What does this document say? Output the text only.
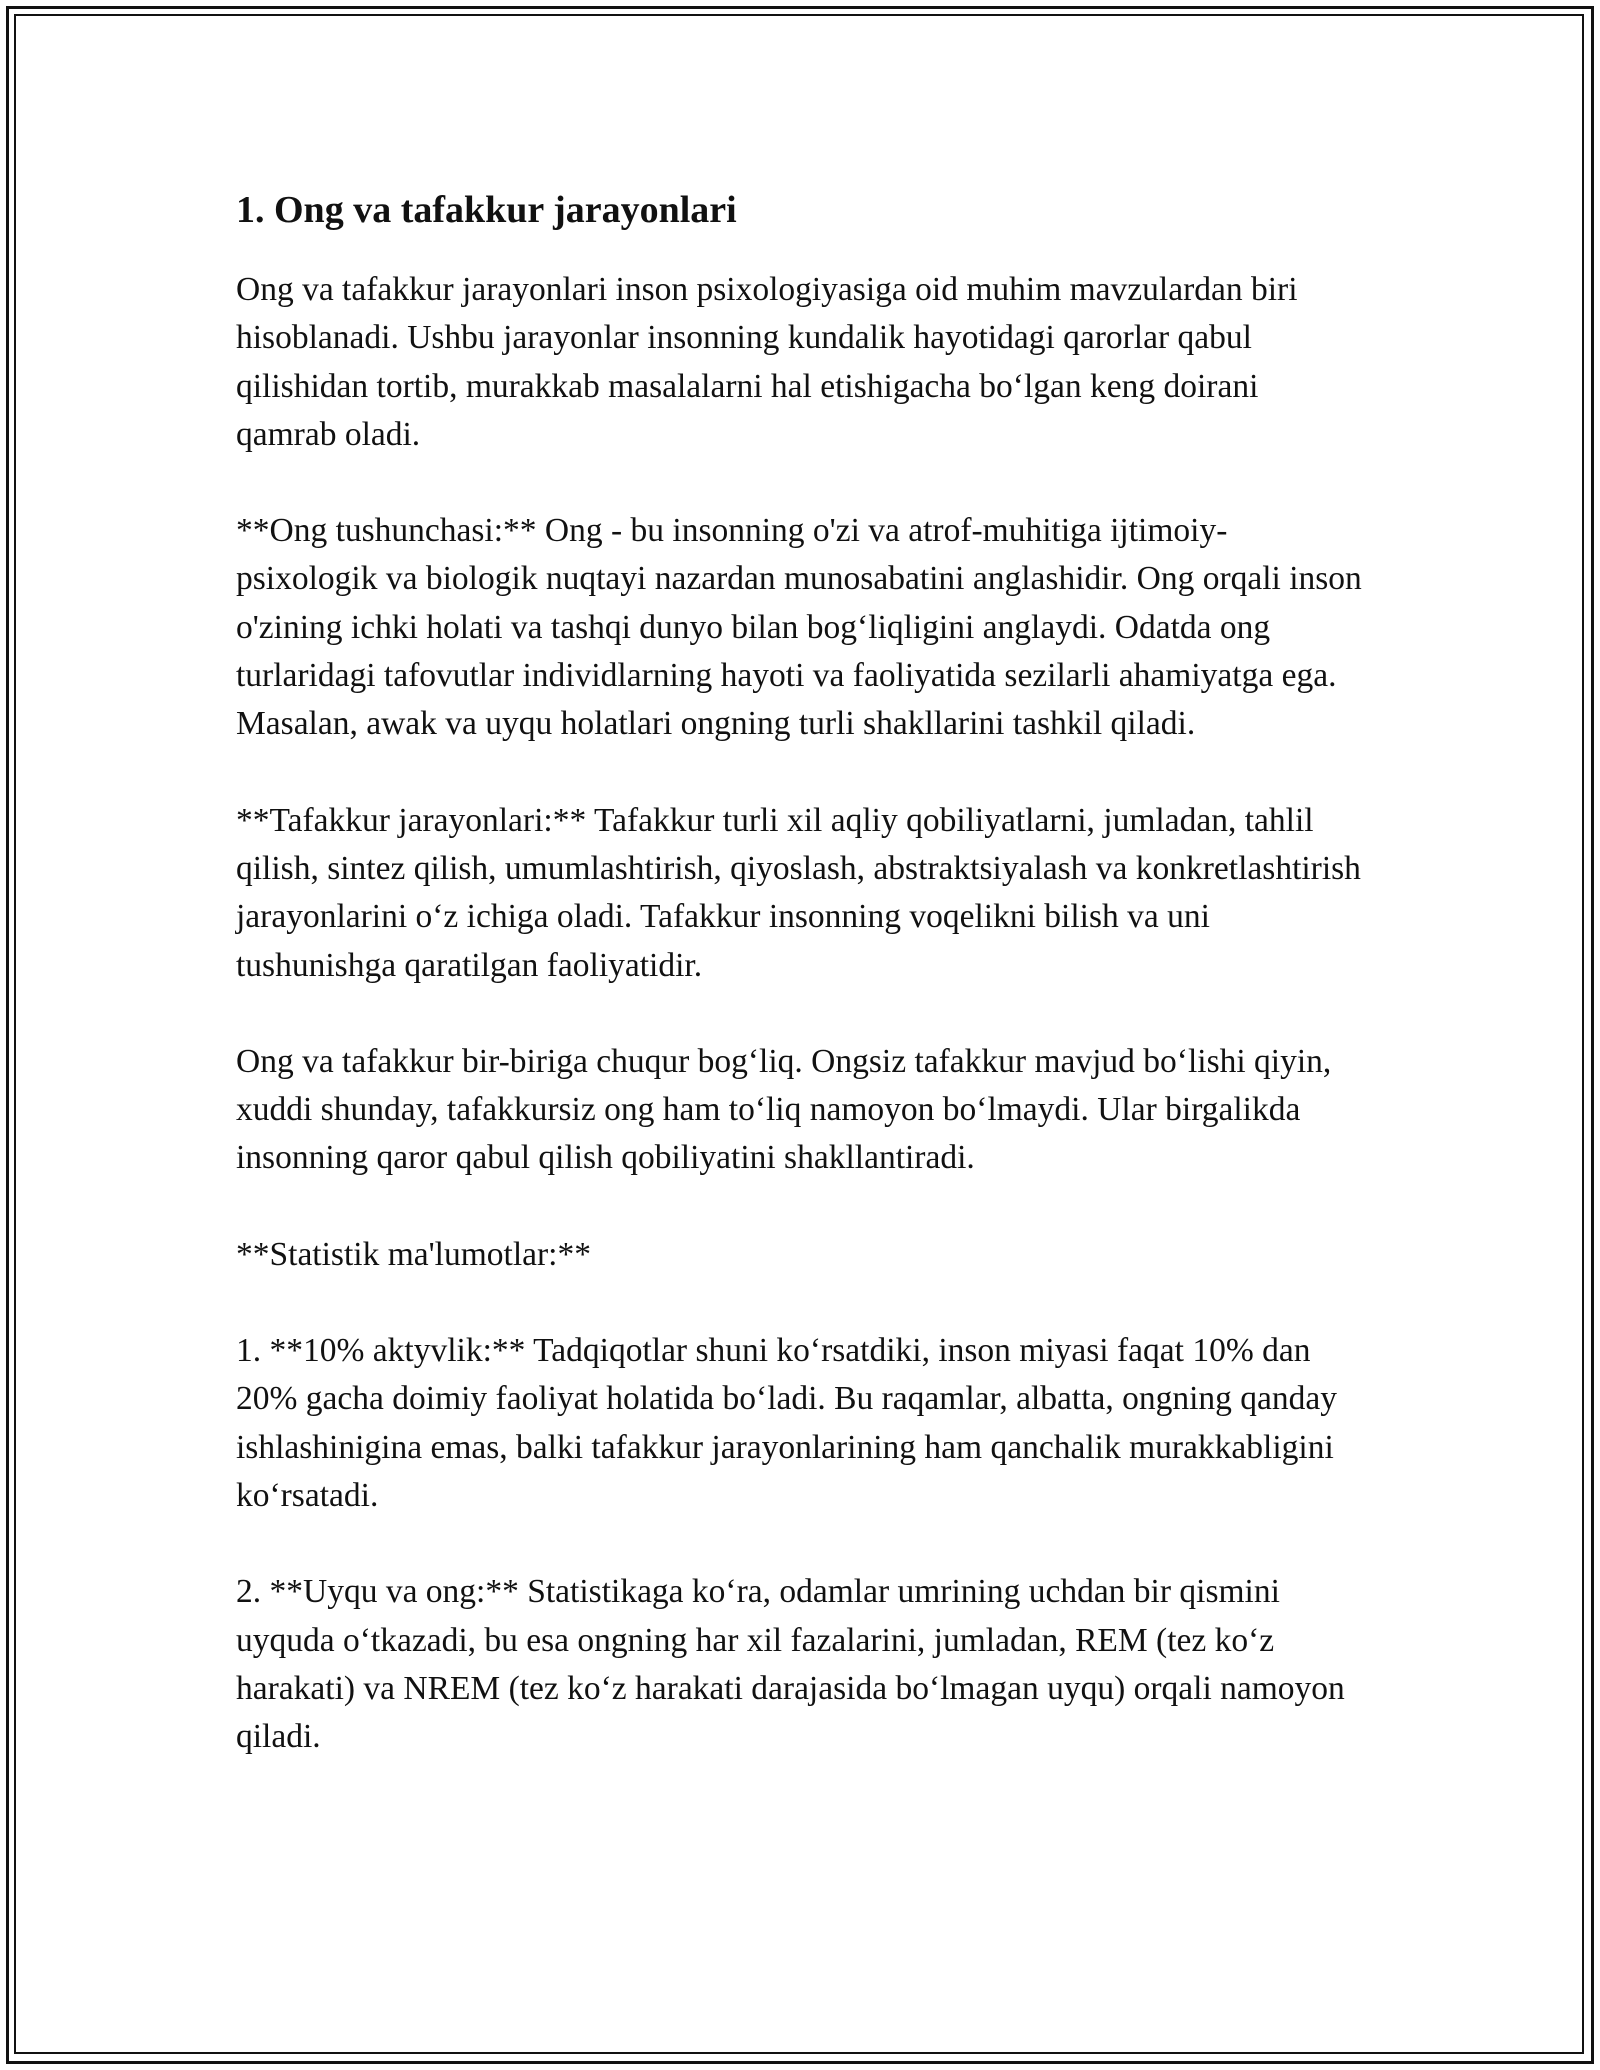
1. Ong va tafakkur jarayonlari

Ong va tafakkur jarayonlari inson psixologiyasiga oid muhim mavzulardan biri hisoblanadi. Ushbu jarayonlar insonning kundalik hayotidagi qarorlar qabul qilishidan tortib, murakkab masalalarni hal etishigacha boʻlgan keng doirani qamrab oladi.

**Ong tushunchasi:** Ong - bu insonning o'zi va atrof-muhitiga ijtimoiy-psixologik va biologik nuqtayi nazardan munosabatini anglashidir. Ong orqali inson o'zining ichki holati va tashqi dunyo bilan bogʻliqligini anglaydi. Odatda ong turlaridagi tafovutlar individlarning hayoti va faoliyatida sezilarli ahamiyatga ega. Masalan, awak va uyqu holatlari ongning turli shakllarini tashkil qiladi.

**Tafakkur jarayonlari:** Tafakkur turli xil aqliy qobiliyatlarni, jumladan, tahlil qilish, sintez qilish, umumlashtirish, qiyoslash, abstraktsiyalash va konkretlashtirish jarayonlarini oʻz ichiga oladi. Tafakkur insonning voqelikni bilish va uni tushunishga qaratilgan faoliyatidir.

Ong va tafakkur bir-biriga chuqur bogʻliq. Ongsiz tafakkur mavjud boʻlishi qiyin, xuddi shunday, tafakkursiz ong ham toʻliq namoyon boʻlmaydi. Ular birgalikda insonning qaror qabul qilish qobiliyatini shakllantiradi.

**Statistik ma'lumotlar:**

1. **10% aktyvlik:** Tadqiqotlar shuni koʻrsatdiki, inson miyasi faqat 10% dan 20% gacha doimiy faoliyat holatida boʻladi. Bu raqamlar, albatta, ongning qanday ishlashinigina emas, balki tafakkur jarayonlarining ham qanchalik murakkabligini koʻrsatadi.

2. **Uyqu va ong:** Statistikaga koʻra, odamlar umrining uchdan bir qismini uyquda oʻtkazadi, bu esa ongning har xil fazalarini, jumladan, REM (tez koʻz harakati) va NREM (tez koʻz harakati darajasida boʻlmagan uyqu) orqali namoyon qiladi.
